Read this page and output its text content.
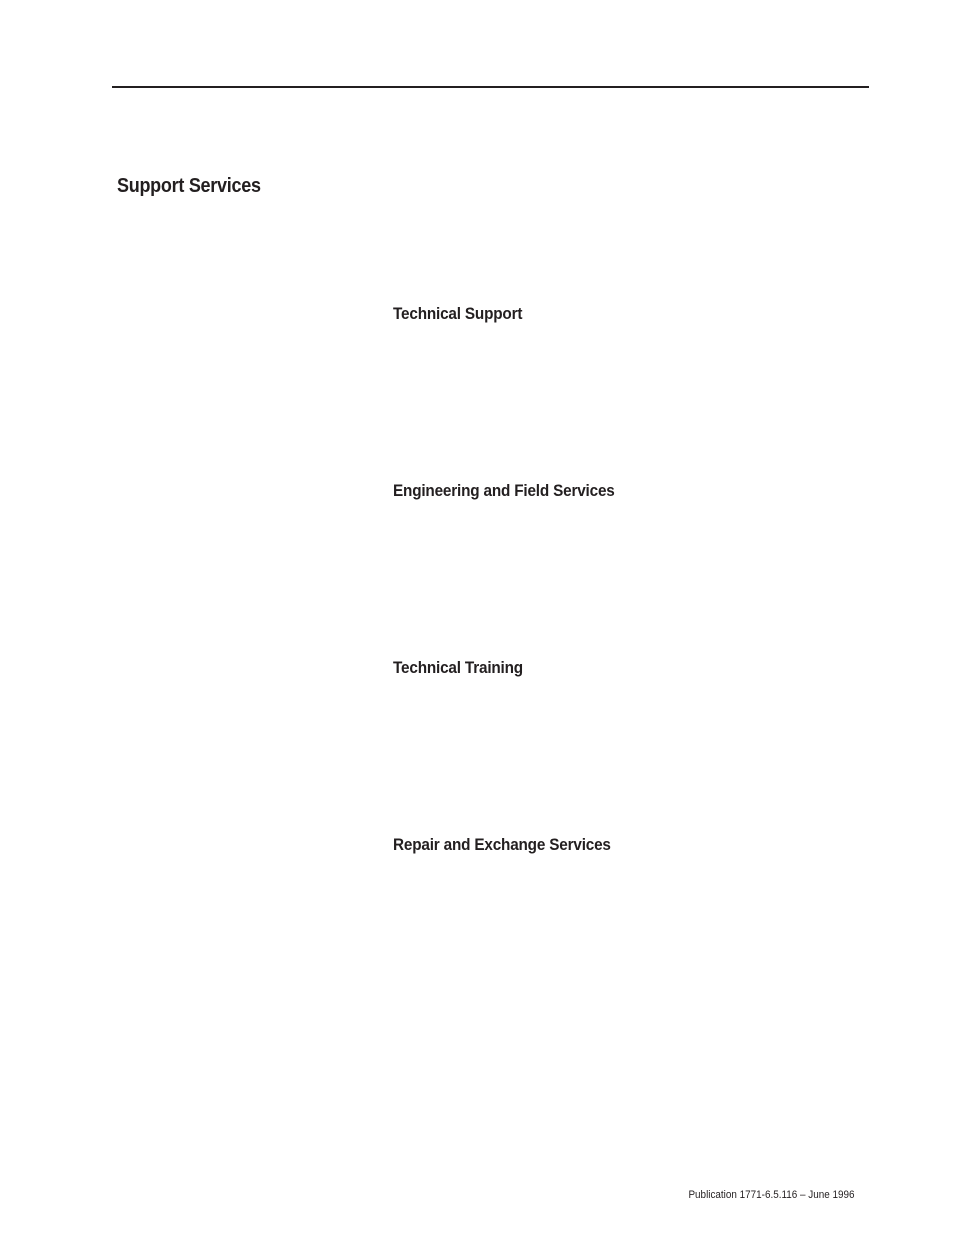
Support Services
Technical Support
Engineering and Field Services
Technical Training
Repair and Exchange Services
Publication 1771-6.5.116 – June 1996
